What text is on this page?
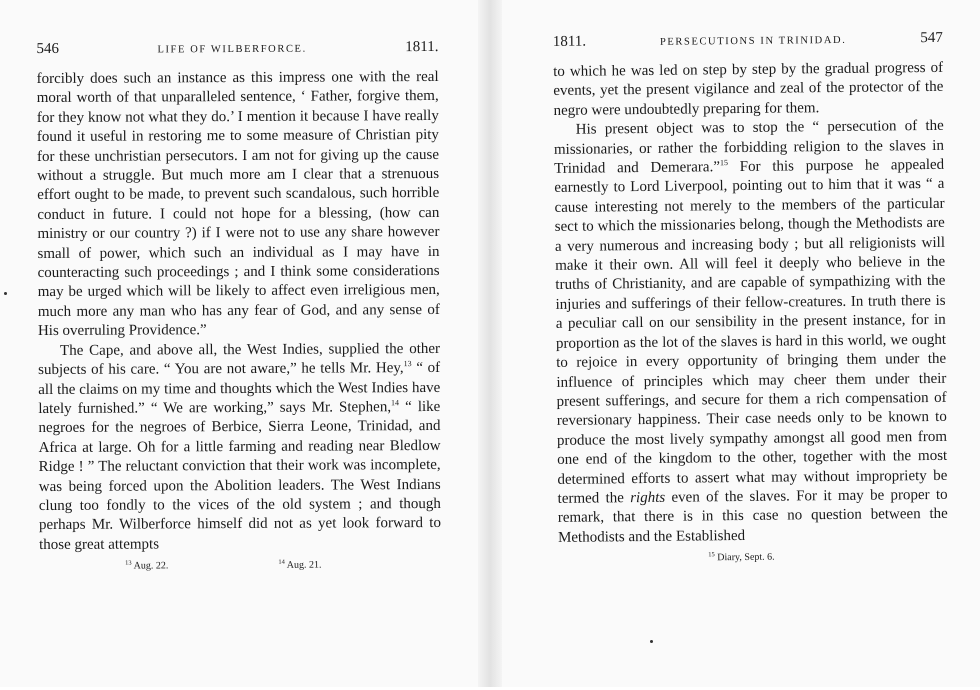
546	LIFE OF WILBERFORCE.	1811.

forcibly does such an instance as this impress one with the real moral worth of that unparalleled sentence, ‘ Father, forgive them, for they know not what they do.’ I mention it because I have really found it useful in restoring me to some measure of Christian pity for these unchristian persecutors. I am not for giving up the cause without a struggle. But much more am I clear that a strenuous effort ought to be made, to prevent such scandalous, such horrible conduct in future. I could not hope for a blessing, (how can ministry or our country ?) if I were not to use any share however small of power, which such an individual as I may have in counteracting such proceedings ; and I think some considerations may be urged which will be likely to affect even irreligious men, much more any man who has any fear of God, and any sense of His overruling Providence.”

The Cape, and above all, the West Indies, supplied the other subjects of his care. “ You are not aware,” he tells Mr. Hey,$^{13}$ “ of all the claims on my time and thoughts which the West Indies have lately furnished.” “ We are working,” says Mr. Stephen,$^{14}$ “ like negroes for the negroes of Berbice, Sierra Leone, Trinidad, and Africa at large. Oh for a little farming and reading near Bledlow Ridge ! ” The reluctant conviction that their work was incomplete, was being forced upon the Abolition leaders. The West Indians clung too fondly to the vices of the old system ; and though perhaps Mr. Wilberforce himself did not as yet look forward to those great attempts

$^{13}$ Aug. 22.	$^{14}$ Aug. 21.
1811.	PERSECUTIONS IN TRINIDAD.	547

to which he was led on step by step by the gradual progress of events, yet the present vigilance and zeal of the protector of the negro were undoubtedly preparing for them.

His present object was to stop the “ persecution of the missionaries, or rather the forbidding religion to the slaves in Trinidad and Demerara.”$^{15}$ For this purpose he appealed earnestly to Lord Liverpool, pointing out to him that it was “ a cause interesting not merely to the members of the particular sect to which the missionaries belong, though the Methodists are a very numerous and increasing body ; but all religionists will make it their own. All will feel it deeply who believe in the truths of Christianity, and are capable of sympathizing with the injuries and sufferings of their fellow-creatures. In truth there is a peculiar call on our sensibility in the present instance, for in proportion as the lot of the slaves is hard in this world, we ought to rejoice in every opportunity of bringing them under the influence of principles which may cheer them under their present sufferings, and secure for them a rich compensation of reversionary happiness. Their case needs only to be known to produce the most lively sympathy amongst all good men from one end of the kingdom to the other, together with the most determined efforts to assert what may without impropriety be termed the rights even of the slaves. For it may be proper to remark, that there is in this case no question between the Methodists and the Established

$^{15}$ Diary, Sept. 6.
